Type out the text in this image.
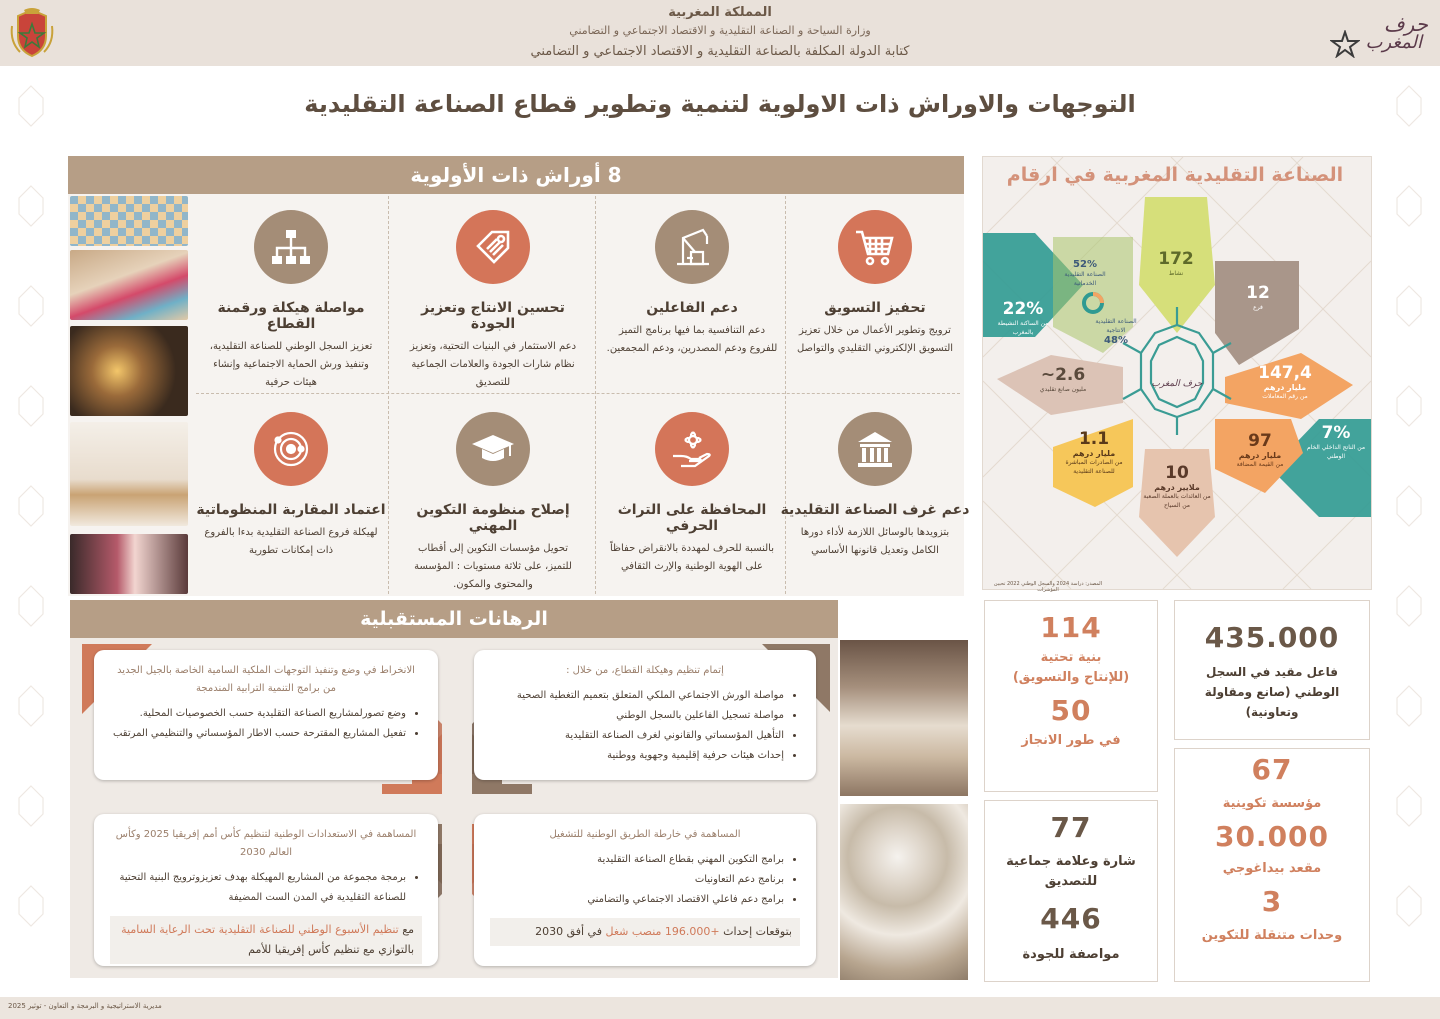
المملكة المغربية
وزارة السياحة و الصناعة التقليدية و الاقتصاد الاجتماعي و التضامني
كتابة الدولة المكلفة بالصناعة التقليدية و الاقتصاد الاجتماعي و التضامني
حرف
المغرب
التوجهات والاوراش ذات الاولوية لتنمية وتطوير قطاع الصناعة التقليدية
8 أوراش ذات الأولوية
تحفيز التسويق
ترويج وتطوير الأعمال من خلال تعزيز التسويق الإلكتروني التقليدي والتواصل
دعم الفاعلين
دعم التنافسية بما فيها برنامج التميز للفروع ودعم المصدرين، ودعم المجمعين.
تحسين الانتاج وتعزيز الجودة
دعم الاستثمار في البنيات التحتية، وتعزيز نظام شارات الجودة والعلامات الجماعية للتصديق
مواصلة هيكلة ورقمنة القطاع
تعزيز السجل الوطني للصناعة التقليدية، وتنفيذ ورش الحماية الاجتماعية وإنشاء هيئات حرفية
دعم غرف الصناعة التقليدية
بتزويدها بالوسائل اللازمة لأداء دورها الكامل وتعديل قانونها الأساسي
المحافظة على التراث الحرفي
بالنسبة للحرف لمهددة بالانقراض حفاظاً على الهوية الوطنية والإرث الثقافي
إصلاح منظومة التكوين المهني
تحويل مؤسسات التكوين إلى أقطاب للتميز، على ثلاثة مستويات : المؤسسة والمحتوى والمكون.
اعتماد المقاربة المنظوماتية
لهيكلة فروع الصناعة التقليدية بدءا بالفروع ذات إمكانات تطورية
الرهانات المستقبلية
إتمام تنظيم وهيكلة القطاع، من خلال :
• مواصلة الورش الاجتماعي الملكي المتعلق بتعميم التغطية الصحية
• مواصلة تسجيل الفاعلين بالسجل الوطني
• التأهيل المؤسساتي والقانوني لغرف الصناعة التقليدية
• إحداث هيئات حرفية إقليمية وجهوية ووطنية
الانخراط في وضع وتنفيذ التوجهات الملكية السامية الخاصة بالجيل الجديد من برامج التنمية الترابية المندمجة
• وضع تصورلمشاريع الصناعة التقليدية حسب الخصوصيات المحلية.
• تفعيل المشاريع المقترحة حسب الاطار المؤسساتي والتنظيمي المرتقب
المساهمة في خارطة الطريق الوطنية للتشغيل
• برامج التكوين المهني بقطاع الصناعة التقليدية
• برنامج دعم التعاونيات
• برامج دعم فاعلي الاقتصاد الاجتماعي والتضامني
بتوقعات إحداث +196.000 منصب شغل في أفق 2030
المساهمة في الاستعدادات الوطنية لتنظيم كأس أمم إفريقيا 2025 وكأس العالم 2030
• برمجة مجموعة من المشاريع المهيكلة بهدف تعزيزوترويج البنية التحتية للصناعة التقليدية في المدن الست المضيفة
مع تنظيم الأسبوع الوطني للصناعة التقليدية تحت الرعاية السامية بالتوازي مع تنظيم كأس إفريقيا للأمم
حرف المغرب
172
نشاط
12
فرع
147,4
مليار درهم
من رقم المعاملات
7%
من الناتج الداخلي الخام الوطني
97
مليار درهم
من القيمة المضافة
10
ملايير درهم
من العائدات بالعملة الصعبة من السياح
1.1
مليار درهم
من الصادرات المباشرة للصناعة التقليدية
2.6~
مليون صانع تقليدي
22%
من الساكنة النشيطة بالمغرب
52%
الصناعة التقليدية الخدماتية
الصناعة التقليدية الانتاجية
48%
المصدر: دراسة 2024 والسجل الوطني 2022 تحيين المؤشرات
الصناعة التقليدية المغربية في ارقام
435.000
فاعل مقيد في السجل الوطني (صانع ومقاولة وتعاونية)
114
بنية تحتية
(للإنتاج والتسويق)
50
في طور الانجاز
67
مؤسسة تكوينية
30.000
مقعد بيداغوجي
3
وحدات متنقلة للتكوين
77
شارة وعلامة جماعية للتصديق
446
مواصفة للجودة
مديرية الاستراتيجية و البرمجة و التعاون - توثير 2025
